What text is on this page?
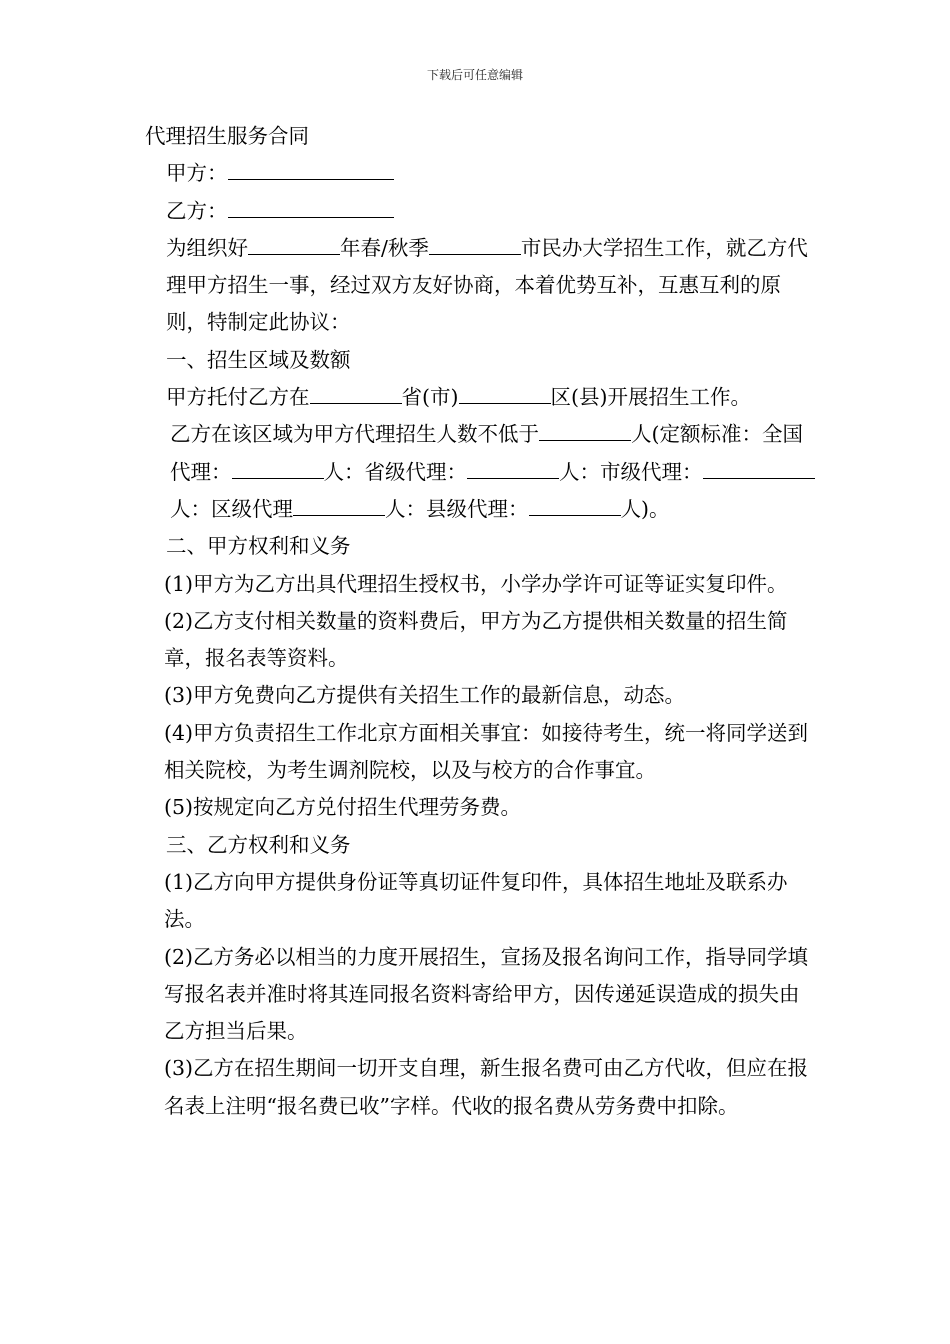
下载后可任意编辑

代理招生服务合同

甲方：

乙方：

为组织好	年春/秋季	市民办大学招生工作，就乙方代理甲方招生一事，经过双方友好协商，本着优势互补，互惠互利的原则，特制定此协议：

一、招生区域及数额

甲方托付乙方在	省(市)	区(县)开展招生工作。

乙方在该区域为甲方代理招生人数不低于	人(定额标准：全国代理：	人：省级代理：	人：市级代理：人：区级代理	人：县级代理：	人)。

二、甲方权利和义务

(1)甲方为乙方出具代理招生授权书，小学办学许可证等证实复印件。

(2)乙方支付相关数量的资料费后，甲方为乙方提供相关数量的招生简章，报名表等资料。

(3)甲方免费向乙方提供有关招生工作的最新信息，动态。

(4)甲方负责招生工作北京方面相关事宜：如接待考生，统一将同学送到相关院校，为考生调剂院校，以及与校方的合作事宜。

(5)按规定向乙方兑付招生代理劳务费。

三、乙方权利和义务

(1)乙方向甲方提供身份证等真切证件复印件，具体招生地址及联系办法。

(2)乙方务必以相当的力度开展招生，宣扬及报名询问工作，指导同学填写报名表并准时将其连同报名资料寄给甲方，因传递延误造成的损失由乙方担当后果。

(3)乙方在招生期间一切开支自理，新生报名费可由乙方代收，但应在报名表上注明“报名费已收”字样。代收的报名费从劳务费中扣除。
